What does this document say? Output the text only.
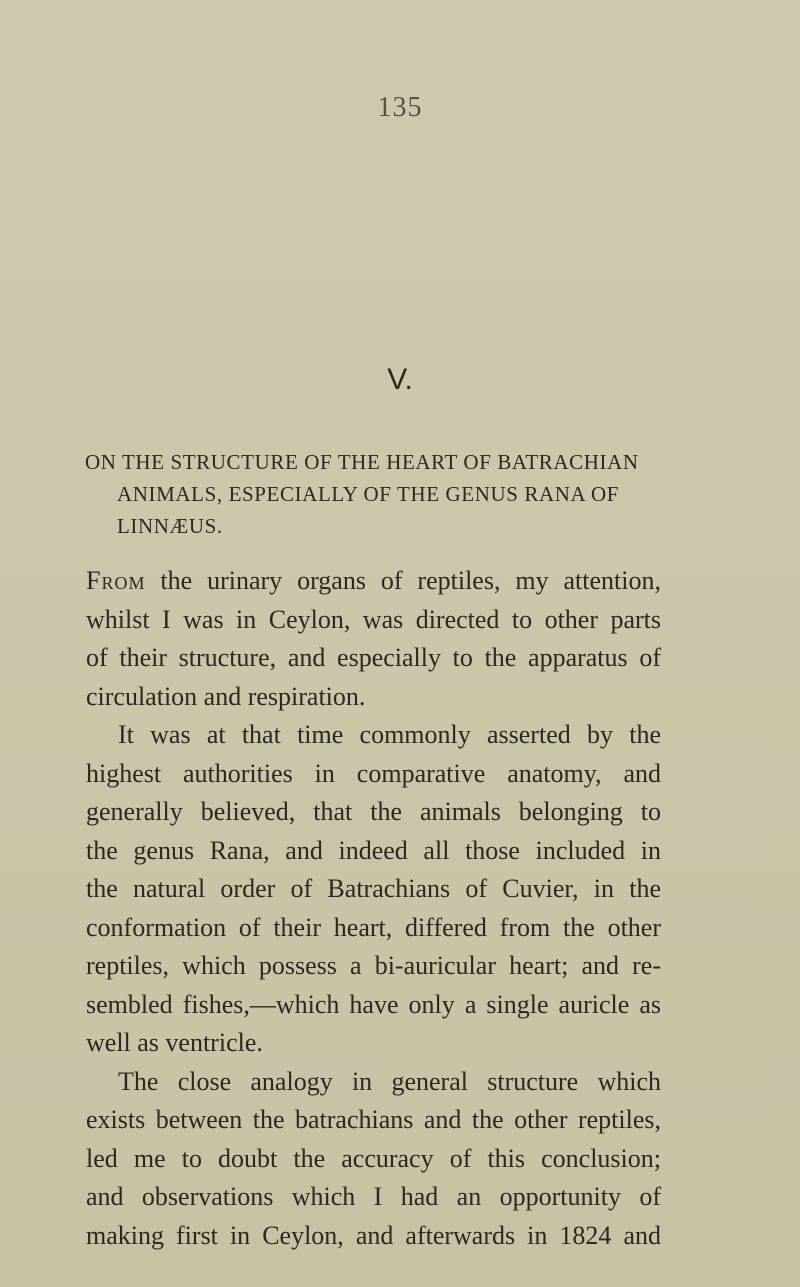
135
V.
ON THE STRUCTURE OF THE HEART OF BATRACHIAN
ANIMALS, ESPECIALLY OF THE GENUS RANA OF
LINNÆUS.
From the urinary organs of reptiles, my attention,
whilst I was in Ceylon, was directed to other parts
of their structure, and especially to the apparatus of
circulation and respiration.
It was at that time commonly asserted by the
highest authorities in comparative anatomy, and
generally believed, that the animals belonging to
the genus Rana, and indeed all those included in
the natural order of Batrachians of Cuvier, in the
conformation of their heart, differed from the other
reptiles, which possess a bi-auricular heart; and re-
sembled fishes,—which have only a single auricle as
well as ventricle.
The close analogy in general structure which
exists between the batrachians and the other reptiles,
led me to doubt the accuracy of this conclusion;
and observations which I had an opportunity of
making first in Ceylon, and afterwards in 1824 and
